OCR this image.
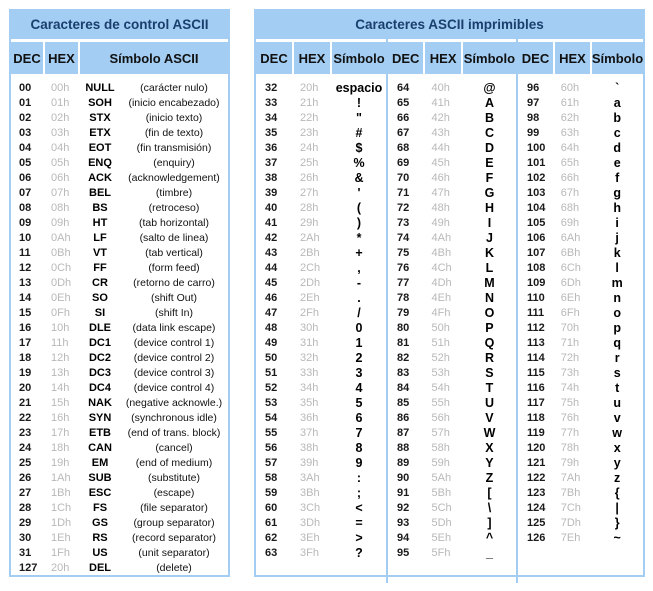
Caracteres de control ASCII
DEC HEX	Símbolo ASCII
00	00h	NULL	(carácter nulo)
01	01h	SOH	(inicio encabezado)
02	02h	STX	(inicio texto)
03	03h	ETX	(fin de texto)
04	04h	EOT	(fin transmisión)
05	05h	ENQ	(enquiry)
06	06h	ACK	(acknowledgement)
07	07h	BEL	(timbre)
08	08h	BS	(retroceso)
09	09h	HT	(tab horizontal)
10	0Ah	LF	(salto de linea)
11	0Bh	VT	(tab vertical)
12	0Ch	FF	(form feed)
13	0Dh	CR	(retorno de carro)
14	0Eh	SO	(shift Out)
15	0Fh	SI	(shift In)
16	10h	DLE	(data link escape)
17	11h	DC1	(device control 1)
18	12h	DC2	(device control 2)
19	13h	DC3	(device control 3)
20	14h	DC4	(device control 4)
21	15h	NAK	(negative acknowle.)
22	16h	SYN	(synchronous idle)
23	17h	ETB	(end of trans. block)
24	18h	CAN	(cancel)
25	19h	EM	(end of medium)
26	1Ah	SUB	(substitute)
27	1Bh	ESC	(escape)
28	1Ch	FS	(file separator)
29	1Dh	GS	(group separator)
30	1Eh	RS	(record separator)
31	1Fh	US	(unit separator)
127	20h	DEL	(delete)
Caracteres ASCII imprimibles
DEC HEX Símbolo
32	20h	espacio
33	21h	!
34	22h	"
35	23h	#
36	24h	$
37	25h	%
38	26h	&
39	27h	'
40	28h	(
41	29h	)
42	2Ah	*
43	2Bh	+
44	2Ch	,
45	2Dh	-
46	2Eh	.
47	2Fh	/
48	30h	0
49	31h	1
50	32h	2
51	33h	3
52	34h	4
53	35h	5
54	36h	6
55	37h	7
56	38h	8
57	39h	9
58	3Ah	:
59	3Bh	;
60	3Ch	<
61	3Dh	=
62	3Eh	>
63	3Fh	?
DEC HEX Símbolo
64	40h	@
65	41h	A
66	42h	B
67	43h	C
68	44h	D
69	45h	E
70	46h	F
71	47h	G
72	48h	H
73	49h	I
74	4Ah	J
75	4Bh	K
76	4Ch	L
77	4Dh	M
78	4Eh	N
79	4Fh	O
80	50h	P
81	51h	Q
82	52h	R
83	53h	S
84	54h	T
85	55h	U
86	56h	V
87	57h	W
88	58h	X
89	59h	Y
90	5Ah	Z
91	5Bh	[
92	5Ch	\
93	5Dh	]
94	5Eh	^
95	5Fh	_
DEC HEX Símbolo
96	60h	`
97	61h	a
98	62h	b
99	63h	c
100	64h	d
101	65h	e
102	66h	f
103	67h	g
104	68h	h
105	69h	i
106	6Ah	j
107	6Bh	k
108	6Ch	l
109	6Dh	m
110	6Eh	n
111	6Fh	o
112	70h	p
113	71h	q
114	72h	r
115	73h	s
116	74h	t
117	75h	u
118	76h	v
119	77h	w
120	78h	x
121	79h	y
122	7Ah	z
123	7Bh	{
124	7Ch	|
125	7Dh	}
126	7Eh	~
